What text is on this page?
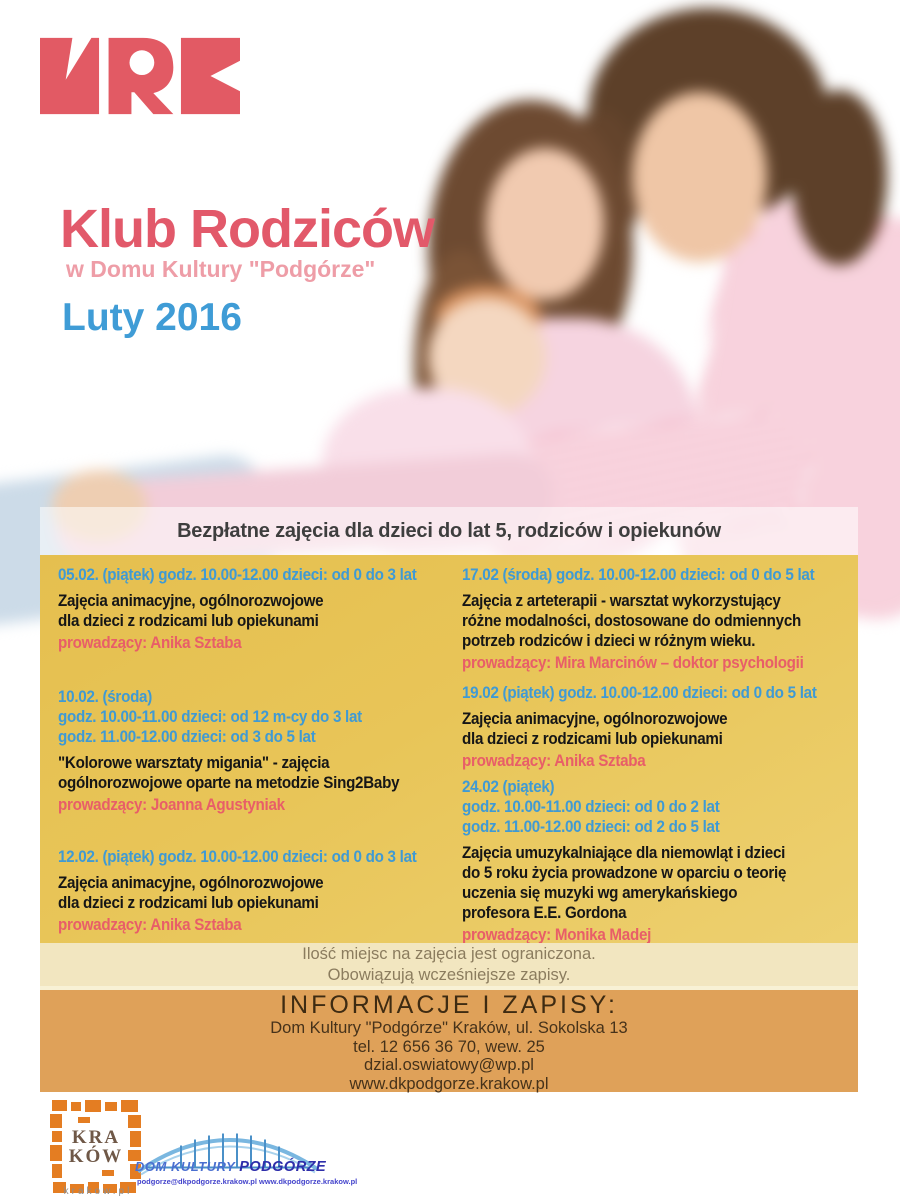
Klub Rodziców
w Domu Kultury "Podgórze"
Luty 2016
Bezpłatne zajęcia dla dzieci do lat 5, rodziców i opiekunów
05.02. (piątek) godz. 10.00-12.00 dzieci: od 0 do 3 lat
Zajęcia animacyjne, ogólnorozwojowe
dla dzieci z rodzicami lub opiekunami
prowadzący: Anika Sztaba
10.02. (środa)
godz. 10.00-11.00 dzieci: od 12 m-cy do 3 lat
godz. 11.00-12.00 dzieci: od 3 do 5 lat
"Kolorowe warsztaty migania" - zajęcia
ogólnorozwojowe oparte na metodzie Sing2Baby
prowadzący: Joanna Agustyniak
12.02. (piątek) godz. 10.00-12.00 dzieci: od 0 do 3 lat
Zajęcia animacyjne, ogólnorozwojowe
dla dzieci z rodzicami lub opiekunami
prowadzący: Anika Sztaba
17.02 (środa) godz. 10.00-12.00 dzieci: od 0 do 5 lat
Zajęcia z arteterapii - warsztat wykorzystujący
różne modalności, dostosowane do odmiennych
potrzeb rodziców i dzieci w różnym wieku.
prowadzący: Mira Marcinów – doktor psychologii
19.02 (piątek) godz. 10.00-12.00 dzieci: od 0 do 5 lat
Zajęcia animacyjne, ogólnorozwojowe
dla dzieci z rodzicami lub opiekunami
prowadzący: Anika Sztaba
24.02 (piątek)
godz. 10.00-11.00 dzieci: od 0 do 2 lat
godz. 11.00-12.00 dzieci: od 2 do 5 lat
Zajęcia umuzykalniające dla niemowląt i dzieci
do 5 roku życia prowadzone w oparciu o teorię
uczenia się muzyki wg amerykańskiego
profesora E.E. Gordona
prowadzący: Monika Madej
Ilość miejsc na zajęcia jest ograniczona.
Obowiązują wcześniejsze zapisy.
INFORMACJE I ZAPISY:
Dom Kultury "Podgórze" Kraków, ul. Sokolska 13
tel. 12 656 36 70, wew. 25
dzial.oswiatowy@wp.pl
www.dkpodgorze.krakow.pl
KRA
KÓW
krakow.pl
DOM KULTURY PODGÓRZE
podgorze@dkpodgorze.krakow.pl www.dkpodgorze.krakow.pl
